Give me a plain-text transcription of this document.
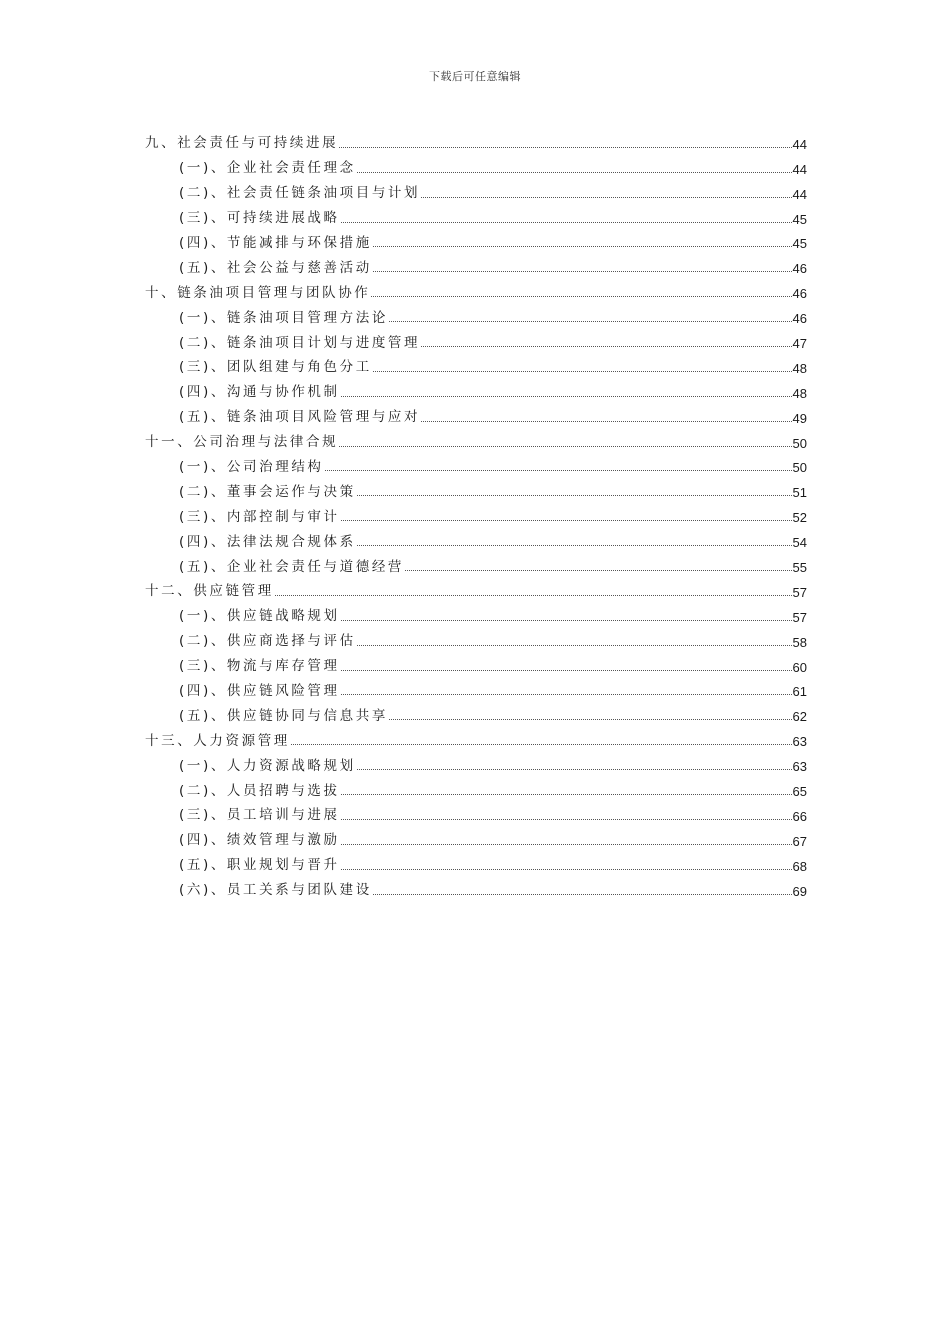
下载后可任意编辑
九、社会责任与可持续进展	44
(一)、企业社会责任理念	44
(二)、社会责任链条油项目与计划	44
(三)、可持续进展战略	45
(四)、节能减排与环保措施	45
(五)、社会公益与慈善活动	46
十、链条油项目管理与团队协作	46
(一)、链条油项目管理方法论	46
(二)、链条油项目计划与进度管理	47
(三)、团队组建与角色分工	48
(四)、沟通与协作机制	48
(五)、链条油项目风险管理与应对	49
十一、公司治理与法律合规	50
(一)、公司治理结构	50
(二)、董事会运作与决策	51
(三)、内部控制与审计	52
(四)、法律法规合规体系	54
(五)、企业社会责任与道德经营	55
十二、供应链管理	57
(一)、供应链战略规划	57
(二)、供应商选择与评估	58
(三)、物流与库存管理	60
(四)、供应链风险管理	61
(五)、供应链协同与信息共享	62
十三、人力资源管理	63
(一)、人力资源战略规划	63
(二)、人员招聘与选拔	65
(三)、员工培训与进展	66
(四)、绩效管理与激励	67
(五)、职业规划与晋升	68
(六)、员工关系与团队建设	69
